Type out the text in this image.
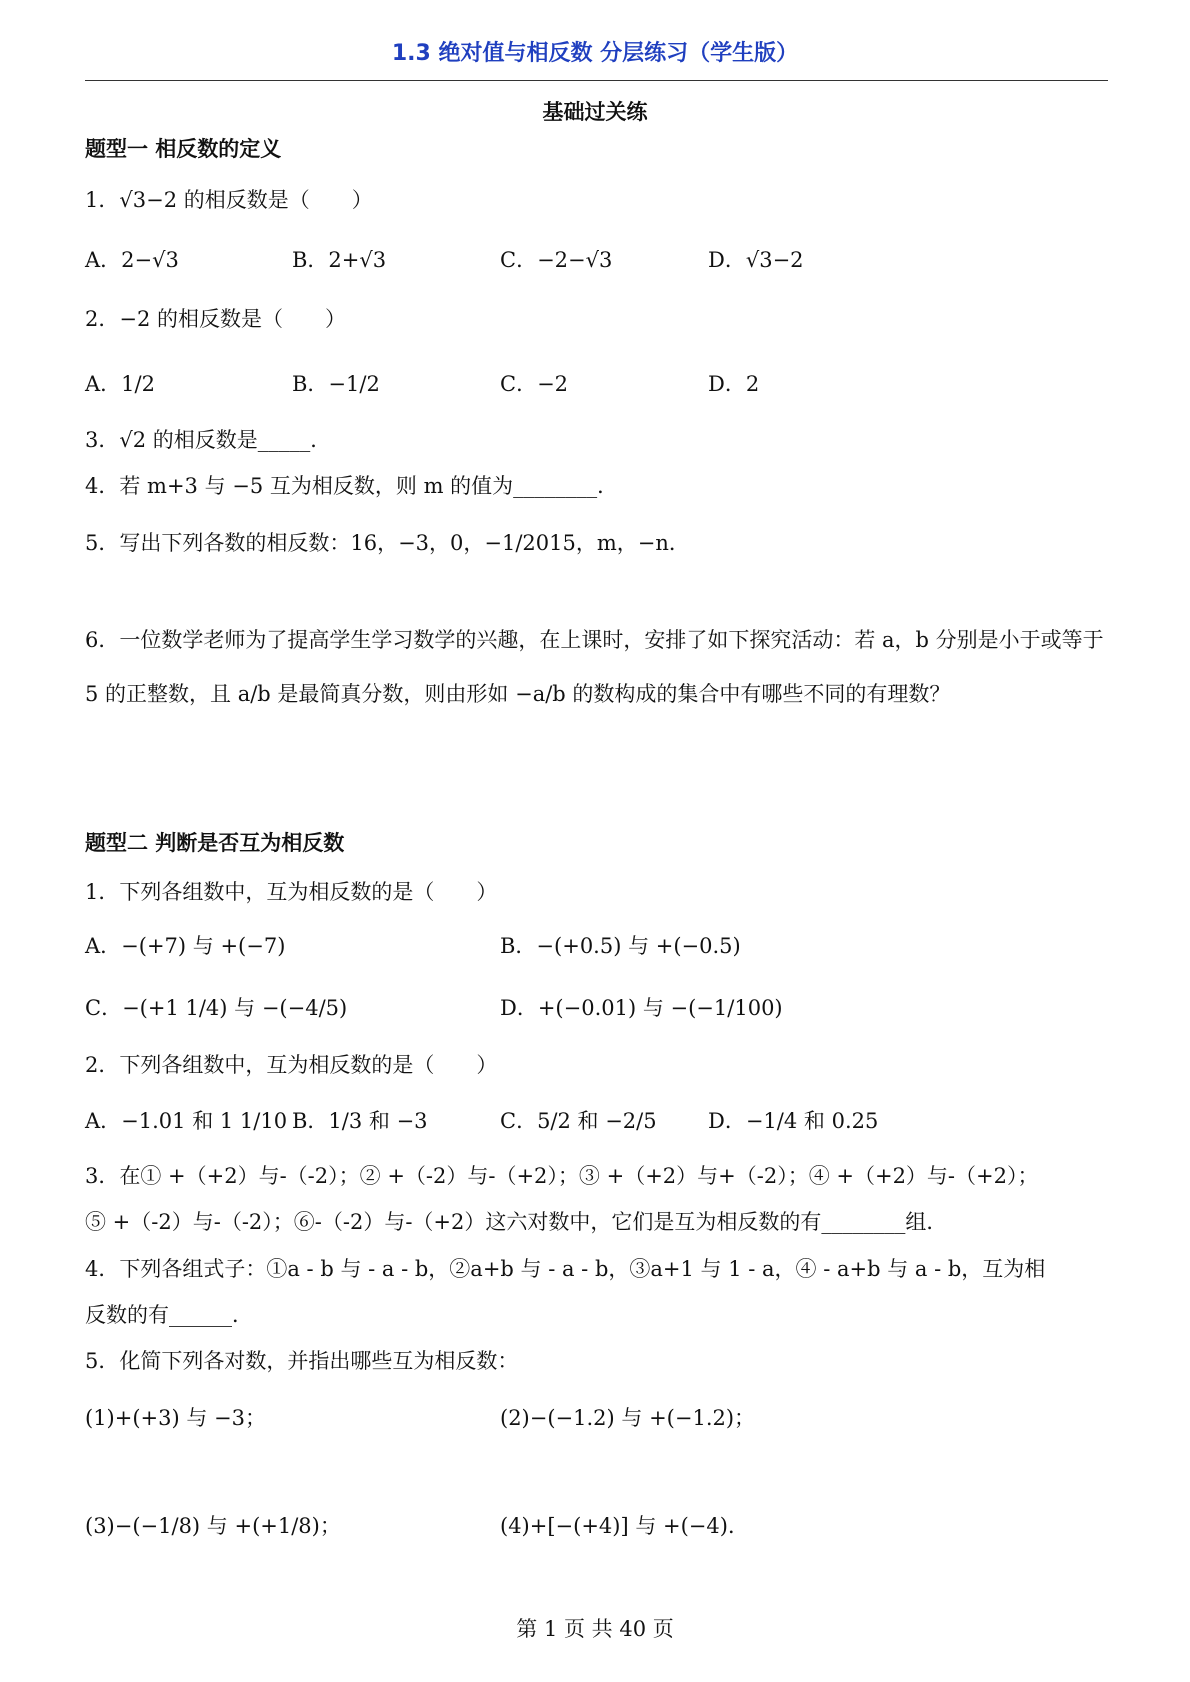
1.3 绝对值与相反数 分层练习（学生版）
基础过关练
题型一 相反数的定义
1．√3−2 的相反数是（　　）
A．2−√3	B．2+√3	C．−2−√3	D．√3−2
2．−2 的相反数是（　　）
A．1/2	B．−1/2	C．−2	D．2
3．√2 的相反数是_____．
4．若 m+3 与 −5 互为相反数，则 m 的值为________．
5．写出下列各数的相反数：16，−3，0，−1/2015，m，−n．
6．一位数学老师为了提高学生学习数学的兴趣，在上课时，安排了如下探究活动：若 a，b 分别是小于或等于 5 的正整数，且 a/b 是最简真分数，则由形如 −a/b 的数构成的集合中有哪些不同的有理数？
题型二 判断是否互为相反数
1．下列各组数中，互为相反数的是（　　）
A．−(+7) 与 +(−7)	B．−(+0.5) 与 +(−0.5)
C．−(+1 1/4) 与 −(−4/5)	D．+(−0.01) 与 −(−1/100)
2．下列各组数中，互为相反数的是（　　）
A．−1.01 和 1 1/10 B．1/3 和 −3	C．5/2 和 −2/5 D．−1/4 和 0.25
3．在① +（+2）与-（-2）；② +（-2）与-（+2）；③ +（+2）与+（-2）；④ +（+2）与-（+2）；
⑤ +（-2）与-（-2）；⑥-（-2）与-（+2）这六对数中，它们是互为相反数的有________组．
4．下列各组式子：①a - b 与 - a - b，②a+b 与 - a - b，③a+1 与 1 - a，④ - a+b 与 a - b，互为相
反数的有______．
5．化简下列各对数，并指出哪些互为相反数：
(1)+(+3) 与 −3；	(2)−(−1.2) 与 +(−1.2)；
(3)−(−1/8) 与 +(+1/8)；	(4)+[−(+4)] 与 +(−4)．
第 1 页 共 40 页
